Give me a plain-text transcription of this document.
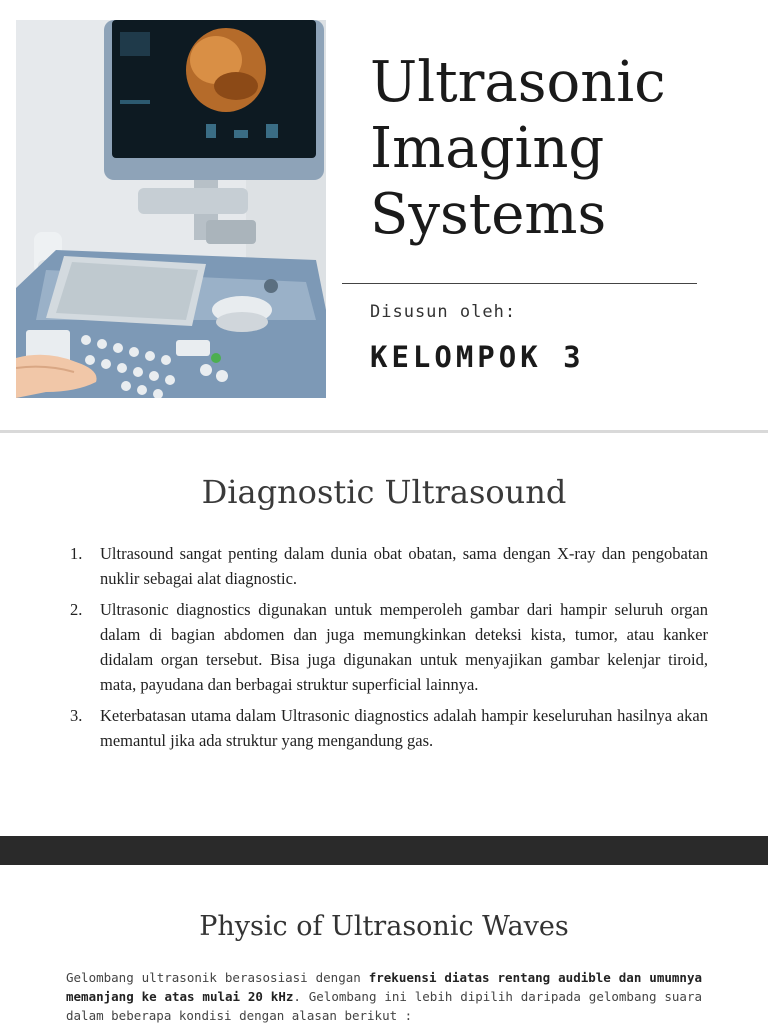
Ultrasonic
Imaging
Systems
Disusun oleh:
KELOMPOK 3
Diagnostic Ultrasound
1. Ultrasound sangat penting dalam dunia obat obatan, sama dengan X-ray dan pengobatan nuklir sebagai alat diagnostic.
2. Ultrasonic diagnostics digunakan untuk memperoleh gambar dari hampir seluruh organ dalam di bagian abdomen dan juga memungkinkan deteksi kista, tumor, atau kanker didalam organ tersebut. Bisa juga digunakan untuk menyajikan gambar kelenjar tiroid, mata, payudana dan berbagai struktur superficial lainnya.
3. Keterbatasan utama dalam Ultrasonic diagnostics adalah hampir keseluruhan hasilnya akan memantul jika ada struktur yang mengandung gas.
Physic of Ultrasonic Waves

Gelombang ultrasonik berasosiasi dengan frekuensi diatas rentang audible dan umumnya memanjang ke atas mulai 20 kHz. Gelombang ini lebih dipilih daripada gelombang suara dalam beberapa kondisi dengan alasan berikut :
